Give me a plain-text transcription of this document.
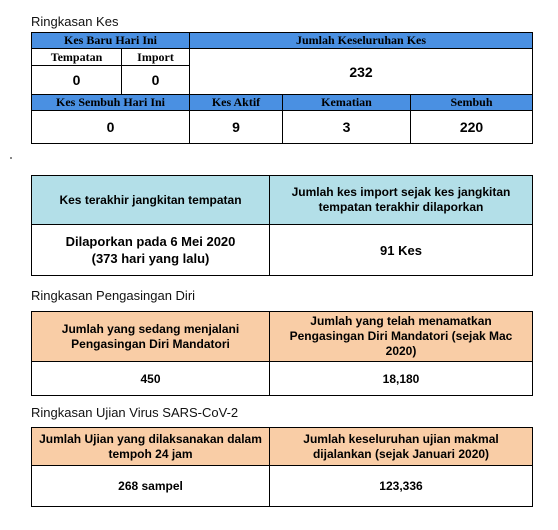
Ringkasan Kes
Kes Baru Hari Ini		Jumlah Keseluruhan Kes		
Tempatan	Import	232		
0	0			
Kes Sembuh Hari Ini		Kes Aktif	Kematian	Sembuh
0		9	3	220
Kes terakhir jangkitan tempatan	Jumlah kes import sejak kes jangkitan tempatan terakhir dilaporkan

Dilaporkan pada 6 Mei 2020
(373 hari yang lalu)	91 Kes
Ringkasan Pengasingan Diri
Jumlah yang sedang menjalani Pengasingan Diri Mandatori	Jumlah yang telah menamatkan Pengasingan Diri Mandatori (sejak Mac 2020)
450	18,180
Ringkasan Ujian Virus SARS-CoV-2
Jumlah Ujian yang dilaksanakan dalam tempoh 24 jam	Jumlah keseluruhan ujian makmal dijalankan (sejak Januari 2020)
268 sampel	123,336
